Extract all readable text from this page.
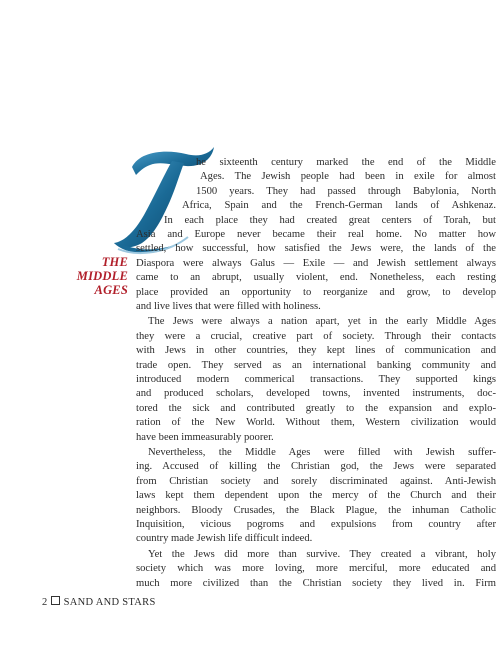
THE
MIDDLE
AGES
he sixteenth century marked the end of the Middle
Ages. The Jewish people had been in exile for almost
1500 years. They had passed through Babylonia, North
Africa, Spain and the French-German lands of Ashkenaz.
In each place they had created great centers of Torah, but
Asia and Europe never became their real home. No matter how
settled, how successful, how satisfied the Jews were, the lands of the
Diaspora were always Galus — Exile — and Jewish settlement always
came to an abrupt, usually violent, end. Nonetheless, each resting
place provided an opportunity to reorganize and grow, to develop
and live lives that were filled with holiness.
The Jews were always a nation apart, yet in the early Middle Ages
they were a crucial, creative part of society. Through their contacts
with Jews in other countries, they kept lines of communication and
trade open. They served as an international banking community and
introduced modern commerical transactions. They supported kings
and produced scholars, developed towns, invented instruments, doc-
tored the sick and contributed greatly to the expansion and explo-
ration of the New World. Without them, Western civilization would
have been immeasurably poorer.
Nevertheless, the Middle Ages were filled with Jewish suffer-
ing. Accused of killing the Christian god, the Jews were separated
from Christian society and sorely discriminated against. Anti-Jewish
laws kept them dependent upon the mercy of the Church and their
neighbors. Bloody Crusades, the Black Plague, the inhuman Catholic
Inquisition, vicious pogroms and expulsions from country after
country made Jewish life difficult indeed.
Yet the Jews did more than survive. They created a vibrant, holy
society which was more loving, more merciful, more educated and
much more civilized than the Christian society they lived in. Firm
2 SAND AND STARS
